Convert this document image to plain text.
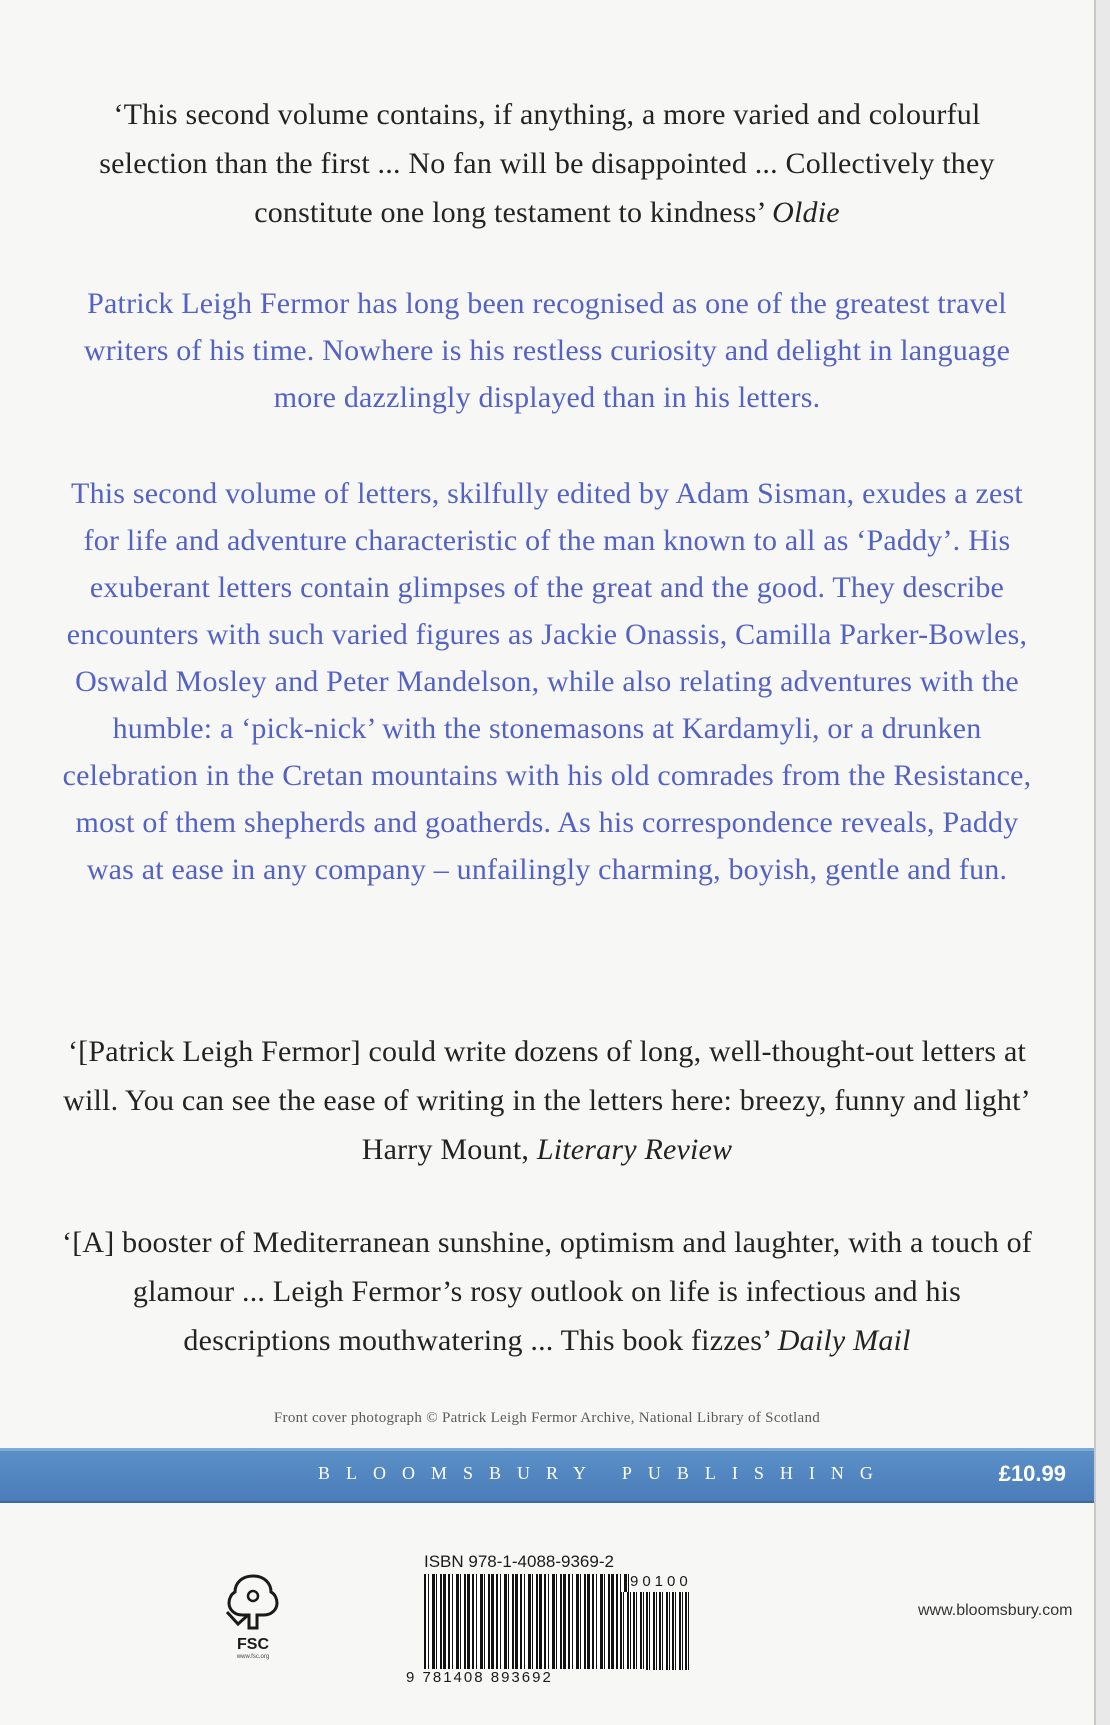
‘This second volume contains, if anything, a more varied and colourful selection than the first ... No fan will be disappointed ... Collectively they constitute one long testament to kindness’ Oldie

Patrick Leigh Fermor has long been recognised as one of the greatest travel writers of his time. Nowhere is his restless curiosity and delight in language more dazzlingly displayed than in his letters.

This second volume of letters, skilfully edited by Adam Sisman, exudes a zest for life and adventure characteristic of the man known to all as ‘Paddy’. His exuberant letters contain glimpses of the great and the good. They describe encounters with such varied figures as Jackie Onassis, Camilla Parker-Bowles, Oswald Mosley and Peter Mandelson, while also relating adventures with the humble: a ‘pick-nick’ with the stonemasons at Kardamyli, or a drunken celebration in the Cretan mountains with his old comrades from the Resistance, most of them shepherds and goatherds. As his correspondence reveals, Paddy was at ease in any company – unfailingly charming, boyish, gentle and fun.

‘[Patrick Leigh Fermor] could write dozens of long, well-thought-out letters at will. You can see the ease of writing in the letters here: breezy, funny and light’
Harry Mount, Literary Review

‘[A] booster of Mediterranean sunshine, optimism and laughter, with a touch of glamour ... Leigh Fermor’s rosy outlook on life is infectious and his descriptions mouthwatering ... This book fizzes’ Daily Mail

Front cover photograph © Patrick Leigh Fermor Archive, National Library of Scotland
BLOOMSBURY PUBLISHING	£10.99
FSC
www.fsc.org
ISBN 978-1-4088-9369-2
90100
9 781408 893692
www.bloomsbury.com
